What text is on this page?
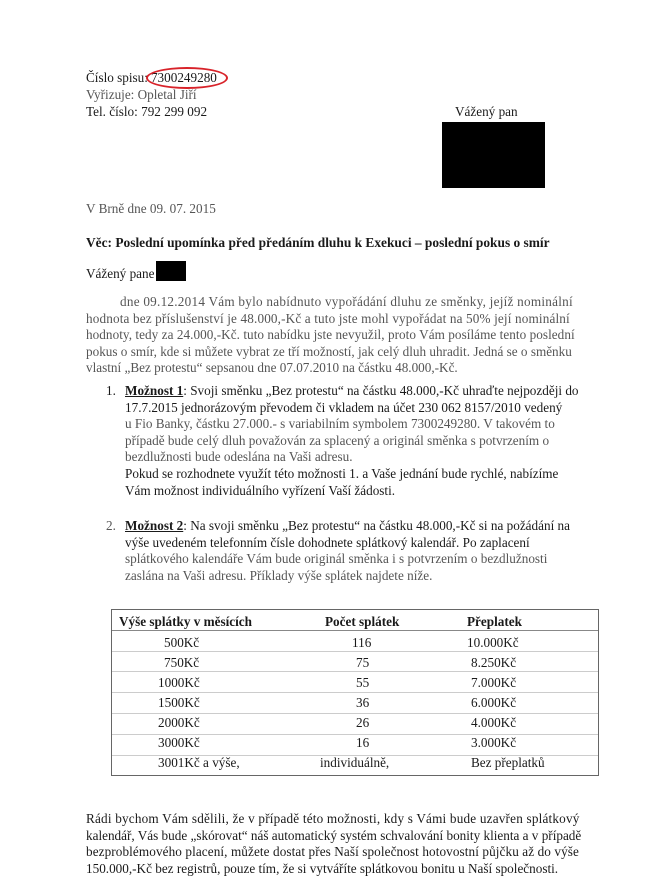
Číslo spisu: 7300249280
Vyřizuje: Opletal Jiří
Tel. číslo: 792 299 092	Vážený pan
V Brně dne 09. 07. 2015
Věc: Poslední upomínka před předáním dluhu k Exekuci – poslední pokus o smír
Vážený pane
dne 09.12.2014 Vám bylo nabídnuto vypořádání dluhu ze směnky, jejíž nominální
hodnota bez příslušenství je 48.000,-Kč a tuto jste mohl vypořádat na 50% její nominální
hodnoty, tedy za 24.000,-Kč. tuto nabídku jste nevyužil, proto Vám posíláme tento poslední
pokus o smír, kde si můžete vybrat ze tří možností, jak celý dluh uhradit. Jedná se o směnku
vlastní „Bez protestu“ sepsanou dne 07.07.2010 na částku 48.000,-Kč.
1. Možnost 1: Svoji směnku „Bez protestu“ na částku 48.000,-Kč uhraďte nejpozději do
17.7.2015 jednorázovým převodem či vkladem na účet 230 062 8157/2010 vedený
u Fio Banky, částku 27.000.- s variabilním symbolem 7300249280. V takovém to
případě bude celý dluh považován za splacený a originál směnka s potvrzením o
bezdlužnosti bude odeslána na Vaši adresu.
Pokud se rozhodnete využít této možnosti 1. a Vaše jednání bude rychlé, nabízíme
Vám možnost individuálního vyřízení Vaší žádosti.
2. Možnost 2: Na svoji směnku „Bez protestu“ na částku 48.000,-Kč si na požádání na
výše uvedeném telefonním čísle dohodnete splátkový kalendář. Po zaplacení
splátkového kalendáře Vám bude originál směnka i s potvrzením o bezdlužnosti
zaslána na Vaši adresu. Příklady výše splátek najdete níže.
Výše splátky v měsících	Počet splátek	Přeplatek
500Kč	116	10.000Kč
750Kč	75	8.250Kč
1000Kč	55	7.000Kč
1500Kč	36	6.000Kč
2000Kč	26	4.000Kč
3000Kč	16	3.000Kč
3001Kč a výše,	individuálně,	Bez přeplatků
Rádi bychom Vám sdělili, že v případě této možnosti, kdy s Vámi bude uzavřen splátkový
kalendář, Vás bude „skórovat“ náš automatický systém schvalování bonity klienta a v případě
bezproblémového placení, můžete dostat přes Naší společnost hotovostní půjčku až do výše
150.000,-Kč bez registrů, pouze tím, že si vytváříte splátkovou bonitu u Naší společnosti.
